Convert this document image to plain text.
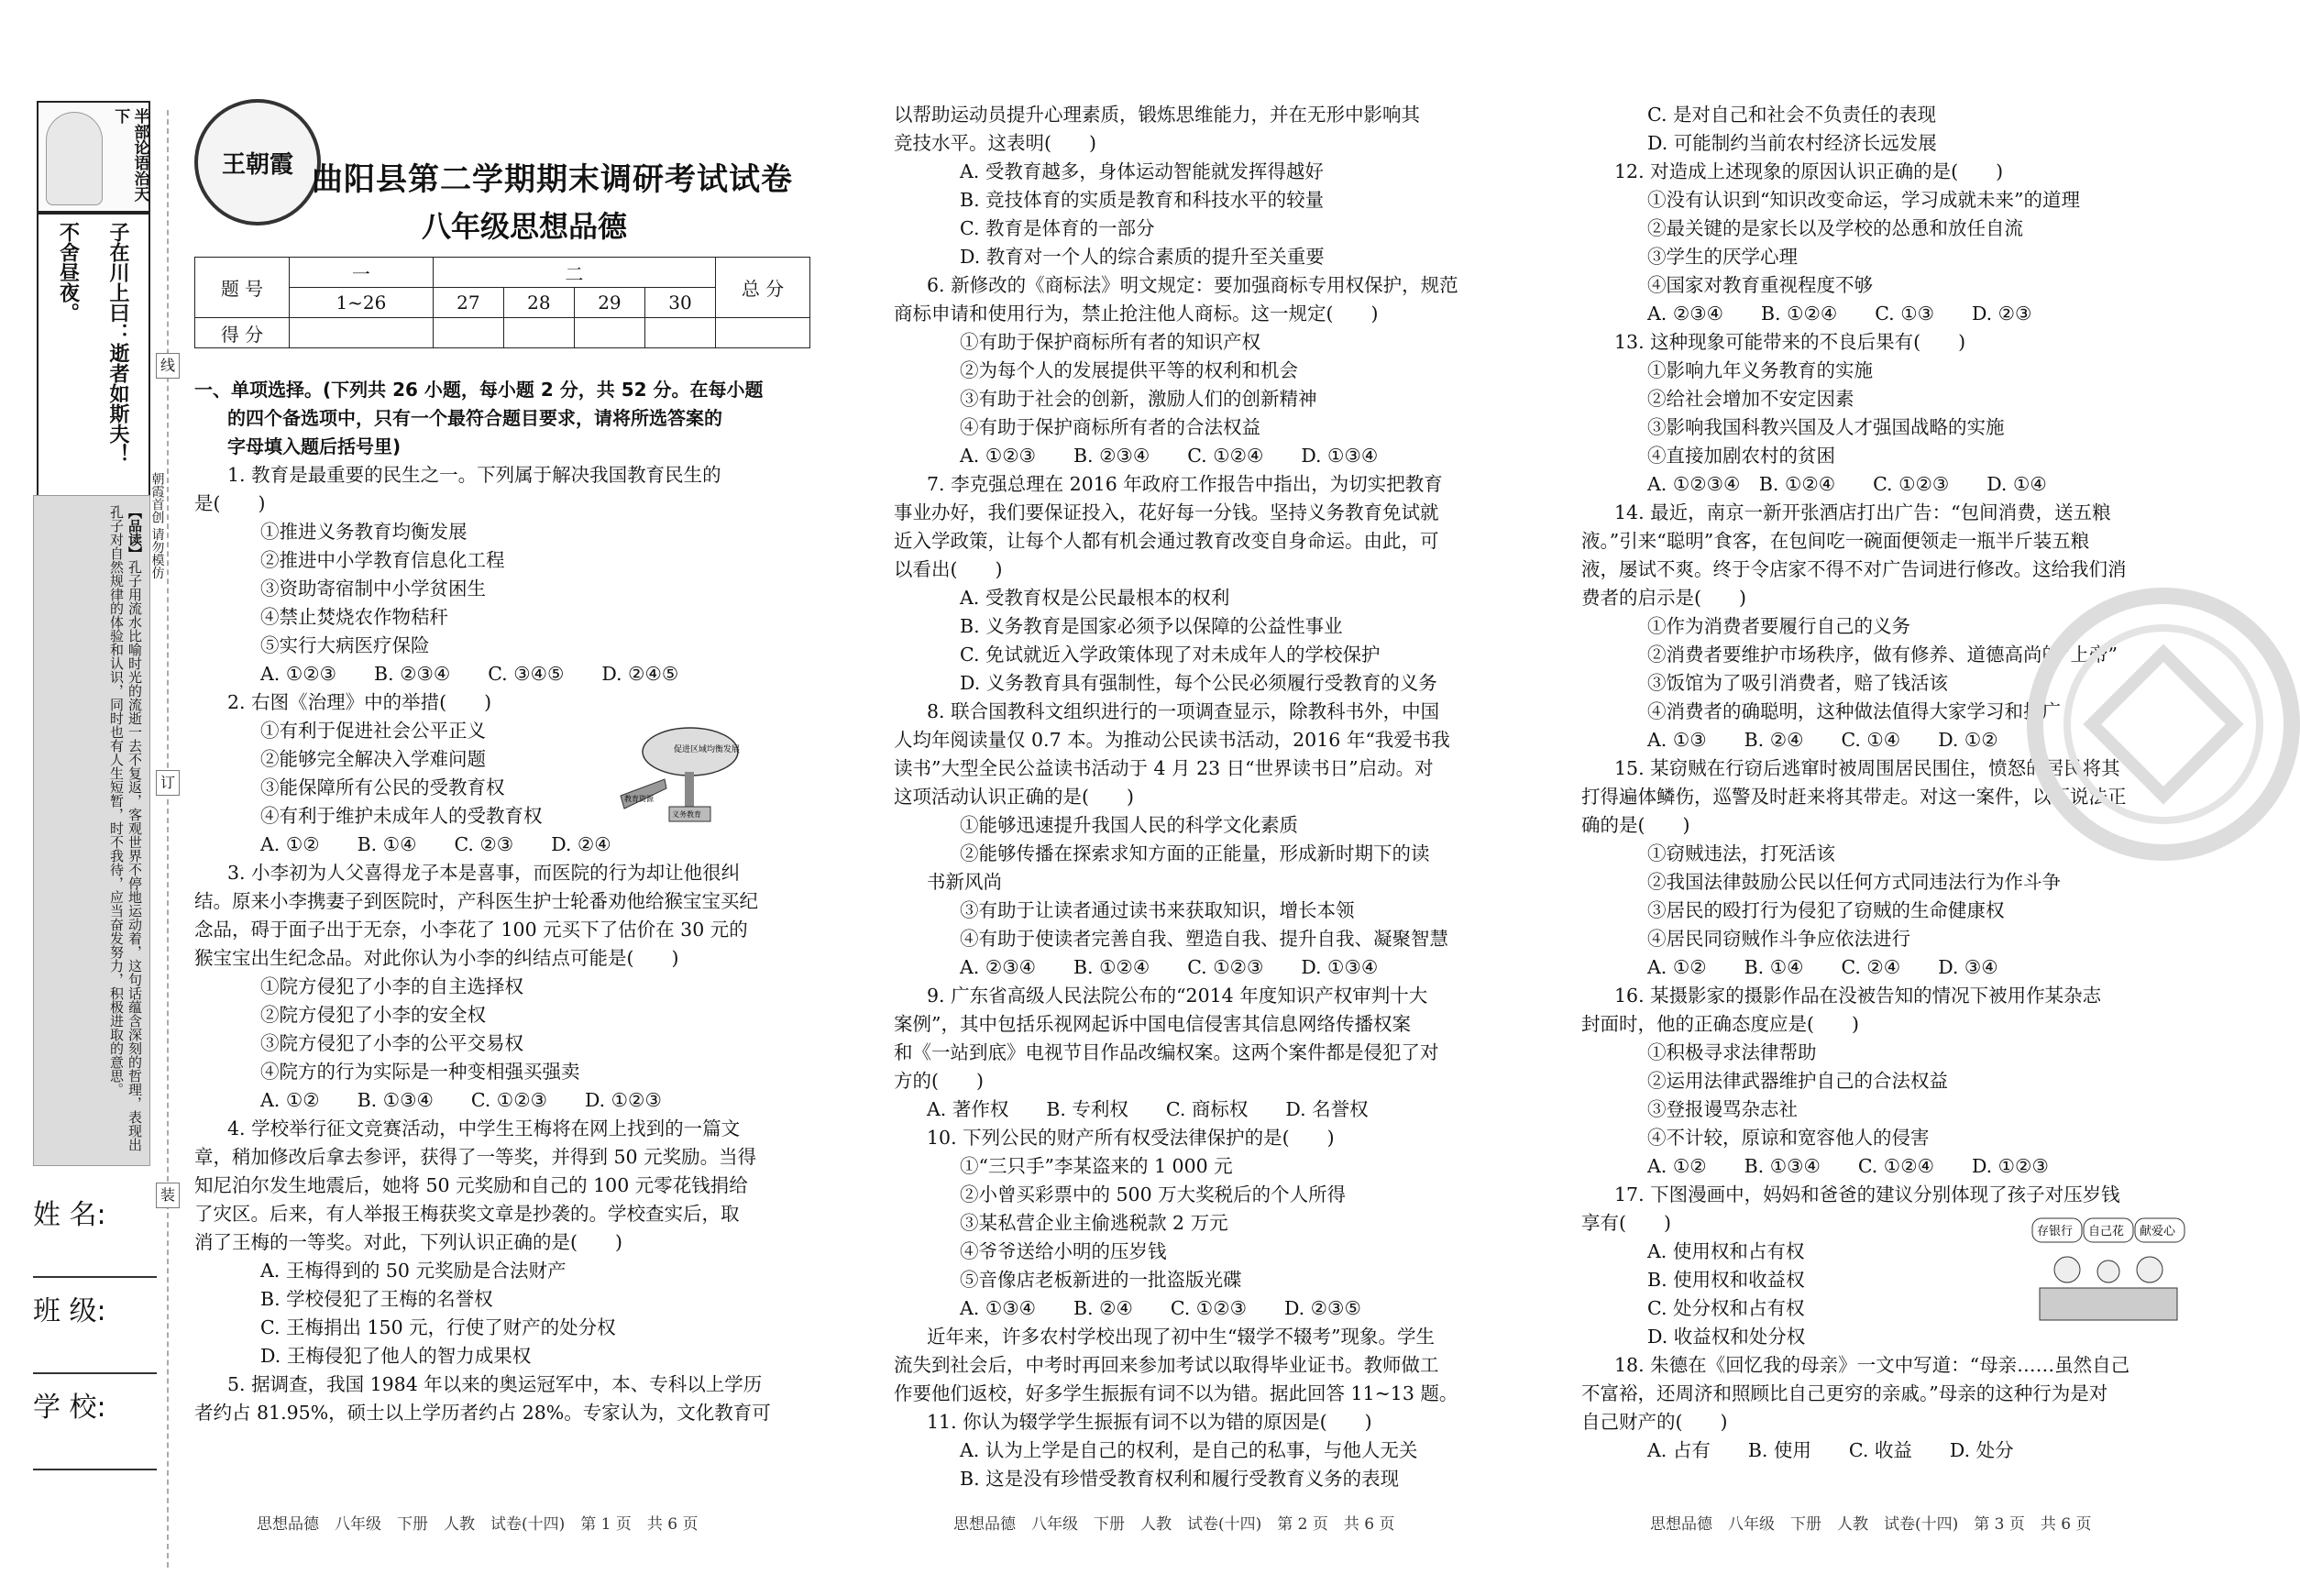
半部论语治天下
子在川上曰：逝者如斯夫！
不舍昼夜。
【品读】孔子用流水比喻时光的流逝一去不复返，客观世界不停地运动着，这句话蕴含深刻的哲理，表现出孔子对自然规律的体验和认识，同时也有人生短暂，时不我待，应当奋发努力，积极进取的意思。	朝霞首创 请勿模仿
姓 名:
班 级:
学 校:
线
订
装
王朝霞 曲阳县第二学期期末调研考试试卷
八年级思想品德
题 号	一	二				总 分
	1~26	27	28	29	30	
得 分						

一、单项选择。(下列共 26 小题，每小题 2 分，共 52 分。在每小题

的四个备选项中，只有一个最符合题目要求，请将所选答案的

字母填入题后括号里)

1. 教育是最重要的民生之一。下列属于解决我国教育民生的

是(　　)

①推进义务教育均衡发展

②推进中小学教育信息化工程

③资助寄宿制中小学贫困生

④禁止焚烧农作物秸秆

⑤实行大病医疗保险

A. ①②③　　B. ②③④　　C. ③④⑤　　D. ②④⑤

2. 右图《治理》中的举措(　　)

①有利于促进社会公平正义

②能够完全解决入学难问题

③能保障所有公民的受教育权

④有利于维护未成年人的受教育权

A. ①②　　B. ①④　　C. ②③　　D. ②④

3. 小李初为人父喜得龙子本是喜事，而医院的行为却让他很纠

结。原来小李携妻子到医院时，产科医生护士轮番劝他给猴宝宝买纪

念品，碍于面子出于无奈，小李花了 100 元买下了估价在 30 元的

猴宝宝出生纪念品。对此你认为小李的纠结点可能是(　　)

①院方侵犯了小李的自主选择权

②院方侵犯了小李的安全权

③院方侵犯了小李的公平交易权

④院方的行为实际是一种变相强买强卖

A. ①②　　B. ①③④　　C. ①②③　　D. ①②③

4. 学校举行征文竞赛活动，中学生王梅将在网上找到的一篇文

章，稍加修改后拿去参评，获得了一等奖，并得到 50 元奖励。当得

知尼泊尔发生地震后，她将 50 元奖励和自己的 100 元零花钱捐给

了灾区。后来，有人举报王梅获奖文章是抄袭的。学校查实后，取

消了王梅的一等奖。对此，下列认识正确的是(　　)

A. 王梅得到的 50 元奖励是合法财产

B. 学校侵犯了王梅的名誉权

C. 王梅捐出 150 元，行使了财产的处分权

D. 王梅侵犯了他人的智力成果权

5. 据调查，我国 1984 年以来的奥运冠军中，本、专科以上学历

者约占 81.95%，硕士以上学历者约占 28%。专家认为，文化教育可

以帮助运动员提升心理素质，锻炼思维能力，并在无形中影响其

竞技水平。这表明(　　)

A. 受教育越多，身体运动智能就发挥得越好

B. 竞技体育的实质是教育和科技水平的较量

C. 教育是体育的一部分

D. 教育对一个人的综合素质的提升至关重要

6. 新修改的《商标法》明文规定：要加强商标专用权保护，规范

商标申请和使用行为，禁止抢注他人商标。这一规定(　　)

①有助于保护商标所有者的知识产权

②为每个人的发展提供平等的权利和机会

③有助于社会的创新，激励人们的创新精神

④有助于保护商标所有者的合法权益

A. ①②③　　B. ②③④　　C. ①②④　　D. ①③④

7. 李克强总理在 2016 年政府工作报告中指出，为切实把教育

事业办好，我们要保证投入，花好每一分钱。坚持义务教育免试就

近入学政策，让每个人都有机会通过教育改变自身命运。由此，可

以看出(　　)

A. 受教育权是公民最根本的权利

B. 义务教育是国家必须予以保障的公益性事业

C. 免试就近入学政策体现了对未成年人的学校保护

D. 义务教育具有强制性，每个公民必须履行受教育的义务

8. 联合国教科文组织进行的一项调查显示，除教科书外，中国

人均年阅读量仅 0.7 本。为推动公民读书活动，2016 年“我爱书我

读书”大型全民公益读书活动于 4 月 23 日“世界读书日”启动。对

这项活动认识正确的是(　　)

①能够迅速提升我国人民的科学文化素质

②能够传播在探索求知方面的正能量，形成新时期下的读

书新风尚

③有助于让读者通过读书来获取知识，增长本领

④有助于使读者完善自我、塑造自我、提升自我、凝聚智慧

A. ②③④　　B. ①②④　　C. ①②③　　D. ①③④

9. 广东省高级人民法院公布的“2014 年度知识产权审判十大

案例”，其中包括乐视网起诉中国电信侵害其信息网络传播权案

和《一站到底》电视节目作品改编权案。这两个案件都是侵犯了对

方的(　　)

A. 著作权　　B. 专利权　　C. 商标权　　D. 名誉权

10. 下列公民的财产所有权受法律保护的是(　　)

①“三只手”李某盗来的 1 000 元

②小曾买彩票中的 500 万大奖税后的个人所得

③某私营企业主偷逃税款 2 万元

④爷爷送给小明的压岁钱

⑤音像店老板新进的一批盗版光碟

A. ①③④　　B. ②④　　C. ①②③　　D. ②③⑤

近年来，许多农村学校出现了初中生“辍学不辍考”现象。学生

流失到社会后，中考时再回来参加考试以取得毕业证书。教师做工

作要他们返校，好多学生振振有词不以为错。据此回答 11~13 题。

11. 你认为辍学学生振振有词不以为错的原因是(　　)

A. 认为上学是自己的权利，是自己的私事，与他人无关

B. 这是没有珍惜受教育权利和履行受教育义务的表现

C. 是对自己和社会不负责任的表现

D. 可能制约当前农村经济长远发展

12. 对造成上述现象的原因认识正确的是(　　)

①没有认识到“知识改变命运，学习成就未来”的道理

②最关键的是家长以及学校的怂恿和放任自流

③学生的厌学心理

④国家对教育重视程度不够

A. ②③④　　B. ①②④　　C. ①③　　D. ②③

13. 这种现象可能带来的不良后果有(　　)

①影响九年义务教育的实施

②给社会增加不安定因素

③影响我国科教兴国及人才强国战略的实施

④直接加剧农村的贫困

A. ①②③④　B. ①②④　　C. ①②③　　D. ①④

14. 最近，南京一新开张酒店打出广告：“包间消费，送五粮

液。”引来“聪明”食客，在包间吃一碗面便领走一瓶半斤装五粮

液，屡试不爽。终于令店家不得不对广告词进行修改。这给我们消

费者的启示是(　　)

①作为消费者要履行自己的义务

②消费者要维护市场秩序，做有修养、道德高尚的“上帝”

③饭馆为了吸引消费者，赔了钱活该

④消费者的确聪明，这种做法值得大家学习和推广

A. ①③　　B. ②④　　C. ①④　　D. ①②

15. 某窃贼在行窃后逃窜时被周围居民围住，愤怒的居民将其

打得遍体鳞伤，巡警及时赶来将其带走。对这一案件，以下说法正

确的是(　　)

①窃贼违法，打死活该

②我国法律鼓励公民以任何方式同违法行为作斗争

③居民的殴打行为侵犯了窃贼的生命健康权

④居民同窃贼作斗争应依法进行

A. ①②　　B. ①④　　C. ②④　　D. ③④

16. 某摄影家的摄影作品在没被告知的情况下被用作某杂志

封面时，他的正确态度应是(　　)

①积极寻求法律帮助

②运用法律武器维护自己的合法权益

③登报谩骂杂志社

④不计较，原谅和宽容他人的侵害

A. ①②　　B. ①③④　　C. ①②④　　D. ①②③

17. 下图漫画中，妈妈和爸爸的建议分别体现了孩子对压岁钱

享有(　　)

A. 使用权和占有权

B. 使用权和收益权

C. 处分权和占有权

D. 收益权和处分权

18. 朱德在《回忆我的母亲》一文中写道：“母亲……虽然自己

不富裕，还周济和照顾比自己更穷的亲戚。”母亲的这种行为是对

自己财产的(　　)

A. 占有　　B. 使用　　C. 收益　　D. 处分

促进区域均衡发展
教育资源
义务教育
存银行 自己花 献爱心
思想品德　八年级　下册　人教　试卷(十四)　第 1 页　共 6 页	思想品德　八年级　下册　人教　试卷(十四)　第 2 页　共 6 页	思想品德　八年级　下册　人教　试卷(十四)　第 3 页　共 6 页
